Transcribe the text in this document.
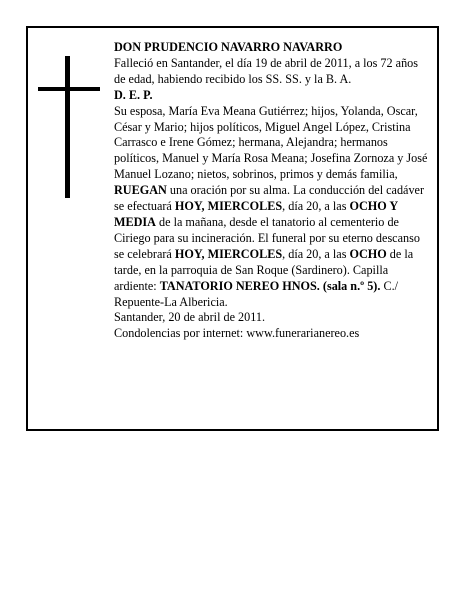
DON PRUDENCIO NAVARRO NAVARRO

Falleció en Santander, el día 19 de abril de 2011, a los 72 años de edad, habiendo recibido los SS. SS. y la B. A.

D. E. P.

Su esposa, María Eva Meana Gutiérrez; hijos, Yolanda, Oscar, César y Mario; hijos políticos, Miguel Angel López, Cristina Carrasco e Irene Gómez; hermana, Alejandra; hermanos políticos, Manuel y María Rosa Meana; Josefina Zornoza y José Manuel Lozano; nietos, sobrinos, primos y demás familia,

RUEGAN una oración por su alma. La conducción del cadáver se efectuará HOY, MIERCOLES, día 20, a las OCHO Y MEDIA de la mañana, desde el tanatorio al cementerio de Ciriego para su incineración. El funeral por su eterno descanso se celebrará HOY, MIERCOLES, día 20, a las OCHO de la tarde, en la parroquia de San Roque (Sardinero). Capilla ardiente: TANATORIO NEREO HNOS. (sala n.º 5). C./ Repuente-La Albericia.

Santander, 20 de abril de 2011.

Condolencias por internet: www.funerarianereo.es
